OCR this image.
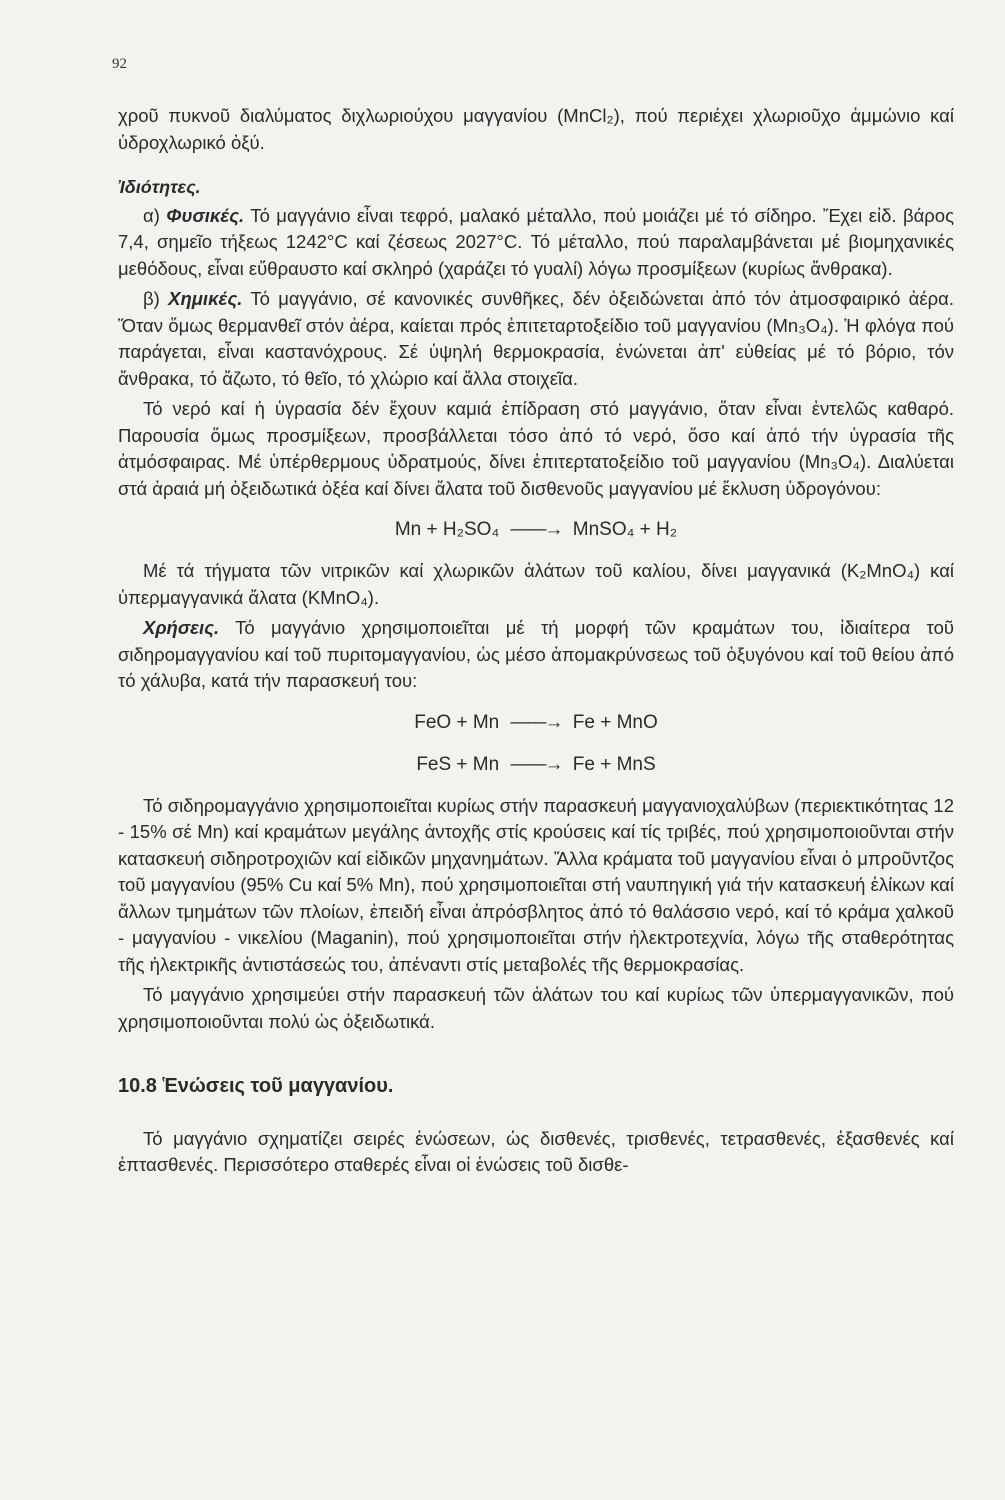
92

χροῦ πυκνοῦ διαλύματος διχλωριούχου μαγγανίου (MnCl₂), πού περιέχει χλωριοῦχο ἀμμώνιο καί ὑδροχλωρικό ὀξύ.

Ἰδιότητες.

α) Φυσικές. Τό μαγγάνιο εἶναι τεφρό, μαλακό μέταλλο, πού μοιάζει μέ τό σίδηρο. Ἔχει εἰδ. βάρος 7,4, σημεῖο τήξεως 1242°C καί ζέσεως 2027°C. Τό μέταλλο, πού παραλαμβάνεται μέ βιομηχανικές μεθόδους, εἶναι εὔθραυστο καί σκληρό (χαράζει τό γυαλί) λόγω προσμίξεων (κυρίως ἄνθρακα).

β) Χημικές. Τό μαγγάνιο, σέ κανονικές συνθῆκες, δέν ὀξειδώνεται ἀπό τόν ἀτμοσφαιρικό ἀέρα. Ὅταν ὅμως θερμανθεῖ στόν ἀέρα, καίεται πρός ἐπιτεταρτοξείδιο τοῦ μαγγανίου (Mn₃O₄). Ἡ φλόγα πού παράγεται, εἶναι καστανόχρους. Σέ ὑψηλή θερμοκρασία, ἑνώνεται ἀπ' εὐθείας μέ τό βόριο, τόν ἄνθρακα, τό ἄζωτο, τό θεῖο, τό χλώριο καί ἄλλα στοιχεῖα.

Τό νερό καί ἡ ὑγρασία δέν ἔχουν καμιά ἐπίδραση στό μαγγάνιο, ὅταν εἶναι ἐντελῶς καθαρό. Παρουσία ὅμως προσμίξεων, προσβάλλεται τόσο ἀπό τό νερό, ὅσο καί ἀπό τήν ὑγρασία τῆς ἀτμόσφαιρας. Μέ ὑπέρθερμους ὑδρατμούς, δίνει ἐπιτερτατοξείδιο τοῦ μαγγανίου (Mn₃O₄). Διαλύεται στά ἀραιά μή ὀξειδωτικά ὀξέα καί δίνει ἄλατα τοῦ δισθενοῦς μαγγανίου μέ ἔκλυση ὑδρογόνου:

Mn + H₂SO₄ ——→ MnSO₄ + H₂

Μέ τά τήγματα τῶν νιτρικῶν καί χλωρικῶν ἀλάτων τοῦ καλίου, δίνει μαγγανικά (K₂MnO₄) καί ὑπερμαγγανικά ἄλατα (KMnO₄).

Χρήσεις. Τό μαγγάνιο χρησιμοποιεῖται μέ τή μορφή τῶν κραμάτων του, ἰδιαίτερα τοῦ σιδηρομαγγανίου καί τοῦ πυριτομαγγανίου, ὡς μέσο ἀπομακρύνσεως τοῦ ὀξυγόνου καί τοῦ θείου ἀπό τό χάλυβα, κατά τήν παρασκευή του:

FeO + Mn ——→ Fe + MnO
FeS + Mn ——→ Fe + MnS

Τό σιδηρομαγγάνιο χρησιμοποιεῖται κυρίως στήν παρασκευή μαγγανιοχαλύβων (περιεκτικότητας 12 - 15% σέ Mn) καί κραμάτων μεγάλης ἀντοχῆς στίς κρούσεις καί τίς τριβές, πού χρησιμοποιοῦνται στήν κατασκευή σιδηροτροχιῶν καί εἰδικῶν μηχανημάτων. Ἄλλα κράματα τοῦ μαγγανίου εἶναι ὁ μπροῦντζος τοῦ μαγγανίου (95% Cu καί 5% Mn), πού χρησιμοποιεῖται στή ναυπηγική γιά τήν κατασκευή ἑλίκων καί ἄλλων τμημάτων τῶν πλοίων, ἐπειδή εἶναι ἀπρόσβλητος ἀπό τό θαλάσσιο νερό, καί τό κράμα χαλκοῦ - μαγγανίου - νικελίου (Maganin), πού χρησιμοποιεῖται στήν ἠλεκτροτεχνία, λόγω τῆς σταθερότητας τῆς ἠλεκτρικῆς ἀντιστάσεώς του, ἀπέναντι στίς μεταβολές τῆς θερμοκρασίας.

Τό μαγγάνιο χρησιμεύει στήν παρασκευή τῶν ἀλάτων του καί κυρίως τῶν ὑπερμαγγανικῶν, πού χρησιμοποιοῦνται πολύ ὡς ὀξειδωτικά.

10.8 Ἑνώσεις τοῦ μαγγανίου.

Τό μαγγάνιο σχηματίζει σειρές ἑνώσεων, ὡς δισθενές, τρισθενές, τετρασθενές, ἑξασθενές καί ἑπτασθενές. Περισσότερο σταθερές εἶναι οἱ ἑνώσεις τοῦ δισθε-
